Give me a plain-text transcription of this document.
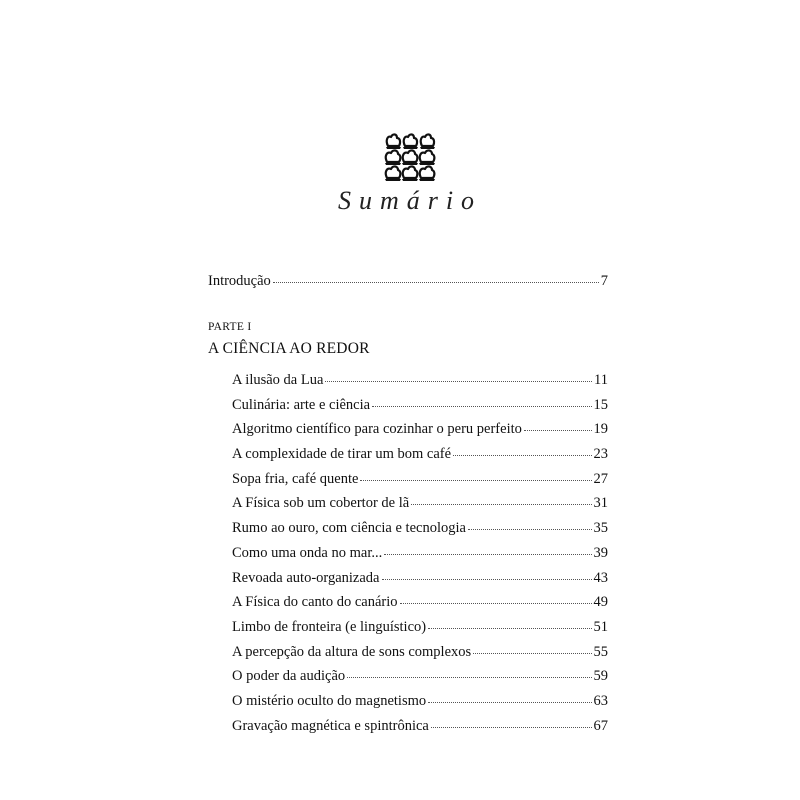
Sumário
Introdução	7
PARTE I
A CIÊNCIA AO REDOR
A ilusão da Lua	11
Culinária: arte e ciência	15
Algoritmo científico para cozinhar o peru perfeito	19
A complexidade de tirar um bom café	23
Sopa fria, café quente	27
A Física sob um cobertor de lã	31
Rumo ao ouro, com ciência e tecnologia	35
Como uma onda no mar...	39
Revoada auto-organizada	43
A Física do canto do canário	49
Limbo de fronteira (e linguístico)	51
A percepção da altura de sons complexos	55
O poder da audição	59
O mistério oculto do magnetismo	63
Gravação magnética e spintrônica	67
